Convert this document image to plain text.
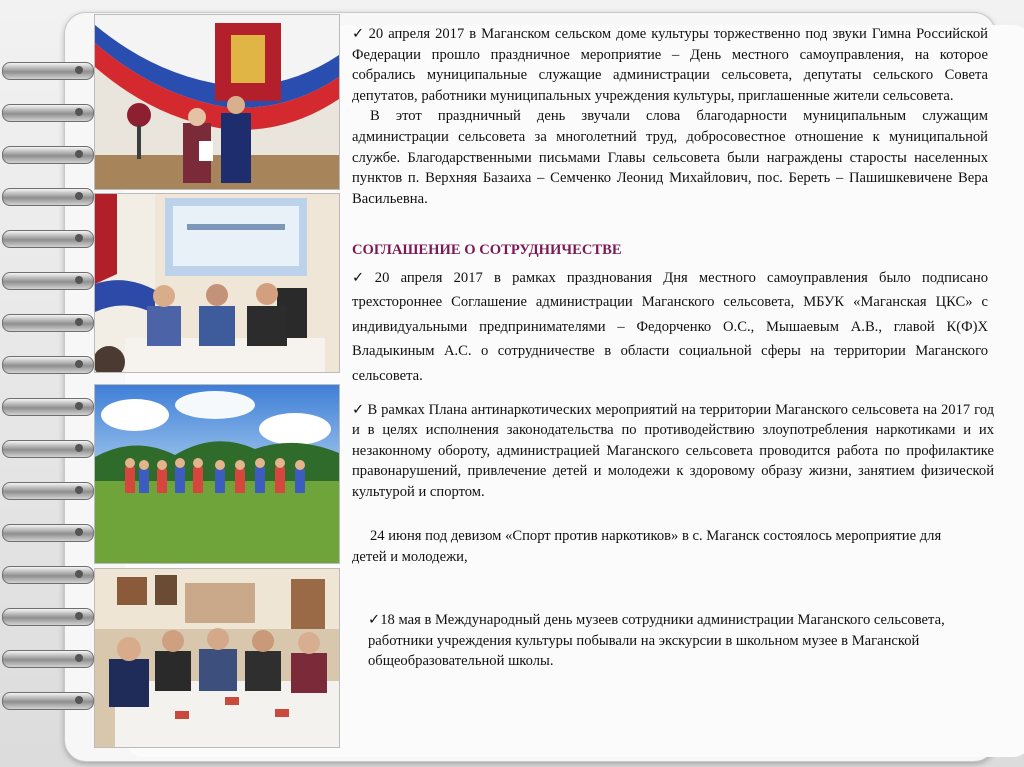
✓ 20 апреля 2017 в Маганском сельском доме культуры торжественно под звуки Гимна Российской Федерации прошло праздничное мероприятие – День местного самоуправления, на которое собрались муниципальные служащие администрации сельсовета, депутаты сельского Совета депутатов, работники муниципальных учреждения культуры, приглашенные жители сельсовета.

В этот праздничный день звучали слова благодарности муниципальным служащим администрации сельсовета за многолетний труд, добросовестное отношение к муниципальной службе. Благодарственными письмами Главы сельсовета были награждены старосты населенных пунктов п. Верхняя Базаиха – Семченко Леонид Михайлович, пос. Береть – Пашишкевичене Вера Васильевна.

СОГЛАШЕНИЕ О СОТРУДНИЧЕСТВЕ

✓ 20 апреля 2017 в рамках празднования Дня местного самоуправления было подписано трехстороннее Соглашение администрации Маганского сельсовета, МБУК «Маганская ЦКС» с индивидуальными предпринимателями – Федорченко О.С., Мышаевым А.В., главой К(Ф)Х Владыкиным А.С. о сотрудничестве в области социальной сферы на территории Маганского сельсовета.

✓ В рамках Плана антинаркотических мероприятий на территории Маганского сельсовета на 2017 год и в целях исполнения законодательства по противодействию злоупотребления наркотиками и их незаконному обороту, администрацией Маганского сельсовета проводится работа по профилактике правонарушений, привлечение детей и молодежи к здоровому образу жизни, занятием физической культурой и спортом.

24 июня под девизом «Спорт против наркотиков» в с. Маганск состоялось мероприятие для детей и молодежи,

✓18 мая в Международный день музеев сотрудники администрации Маганского сельсовета, работники учреждения культуры побывали на экскурсии в школьном музее в Маганской общеобразовательной школы.
